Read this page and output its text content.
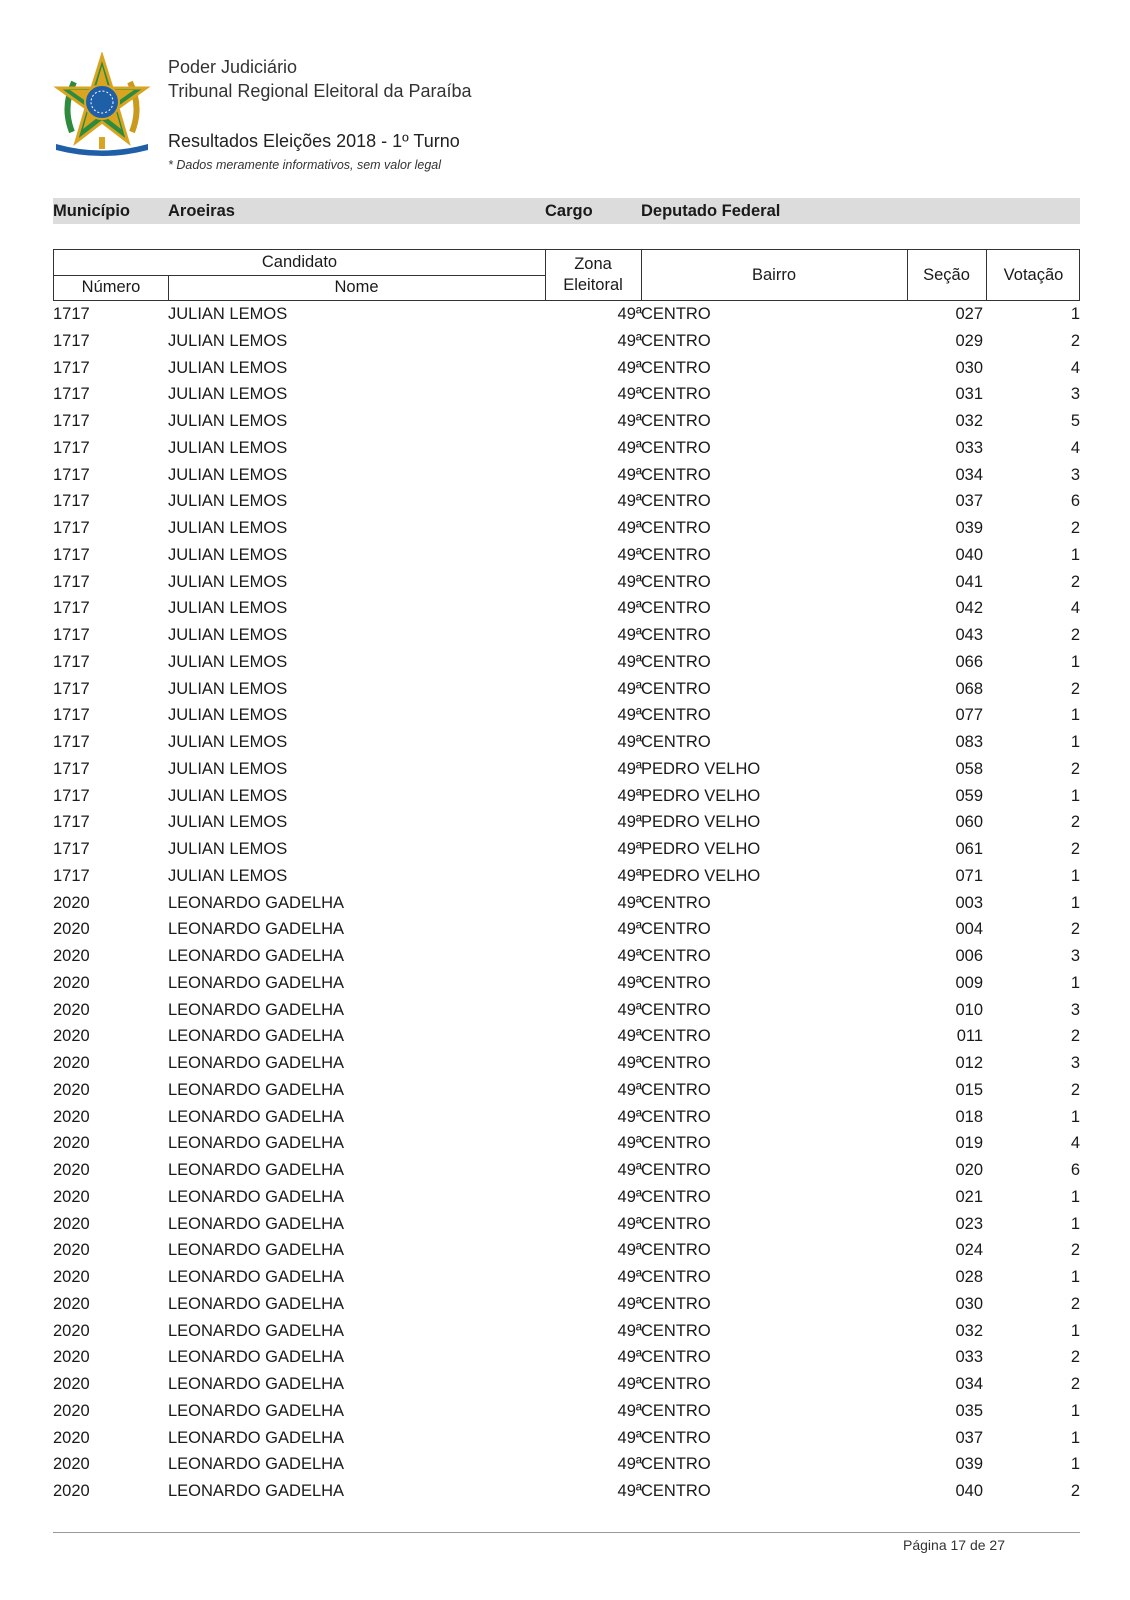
Poder Judiciário

Tribunal Regional Eleitoral da Paraíba

Resultados Eleições 2018 - 1º Turno

* Dados meramente informativos, sem valor legal

Município Aroeiras	Cargo	Deputado Federal
Candidato
Número	Nome
Zona
Eleitoral
Bairro	Seção	Votação
1717	JULIAN LEMOS	49ª CENTRO	027	1
1717	JULIAN LEMOS	49ª CENTRO	029	2
1717	JULIAN LEMOS	49ª CENTRO	030	4
1717	JULIAN LEMOS	49ª CENTRO	031	3
1717	JULIAN LEMOS	49ª CENTRO	032	5
1717	JULIAN LEMOS	49ª CENTRO	033	4
1717	JULIAN LEMOS	49ª CENTRO	034	3
1717	JULIAN LEMOS	49ª CENTRO	037	6
1717	JULIAN LEMOS	49ª CENTRO	039	2
1717	JULIAN LEMOS	49ª CENTRO	040	1
1717	JULIAN LEMOS	49ª CENTRO	041	2
1717	JULIAN LEMOS	49ª CENTRO	042	4
1717	JULIAN LEMOS	49ª CENTRO	043	2
1717	JULIAN LEMOS	49ª CENTRO	066	1
1717	JULIAN LEMOS	49ª CENTRO	068	2
1717	JULIAN LEMOS	49ª CENTRO	077	1
1717	JULIAN LEMOS	49ª CENTRO	083	1
1717	JULIAN LEMOS	49ª PEDRO VELHO	058	2
1717	JULIAN LEMOS	49ª PEDRO VELHO	059	1
1717	JULIAN LEMOS	49ª PEDRO VELHO	060	2
1717	JULIAN LEMOS	49ª PEDRO VELHO	061	2
1717	JULIAN LEMOS	49ª PEDRO VELHO	071	1
2020	LEONARDO GADELHA	49ª CENTRO	003	1
2020	LEONARDO GADELHA	49ª CENTRO	004	2
2020	LEONARDO GADELHA	49ª CENTRO	006	3
2020	LEONARDO GADELHA	49ª CENTRO	009	1
2020	LEONARDO GADELHA	49ª CENTRO	010	3
2020	LEONARDO GADELHA	49ª CENTRO	011	2
2020	LEONARDO GADELHA	49ª CENTRO	012	3
2020	LEONARDO GADELHA	49ª CENTRO	015	2
2020	LEONARDO GADELHA	49ª CENTRO	018	1
2020	LEONARDO GADELHA	49ª CENTRO	019	4
2020	LEONARDO GADELHA	49ª CENTRO	020	6
2020	LEONARDO GADELHA	49ª CENTRO	021	1
2020	LEONARDO GADELHA	49ª CENTRO	023	1
2020	LEONARDO GADELHA	49ª CENTRO	024	2
2020	LEONARDO GADELHA	49ª CENTRO	028	1
2020	LEONARDO GADELHA	49ª CENTRO	030	2
2020	LEONARDO GADELHA	49ª CENTRO	032	1
2020	LEONARDO GADELHA	49ª CENTRO	033	2
2020	LEONARDO GADELHA	49ª CENTRO	034	2
2020	LEONARDO GADELHA	49ª CENTRO	035	1
2020	LEONARDO GADELHA	49ª CENTRO	037	1
2020	LEONARDO GADELHA	49ª CENTRO	039	1
2020	LEONARDO GADELHA	49ª CENTRO	040	2
Página 17 de 27
